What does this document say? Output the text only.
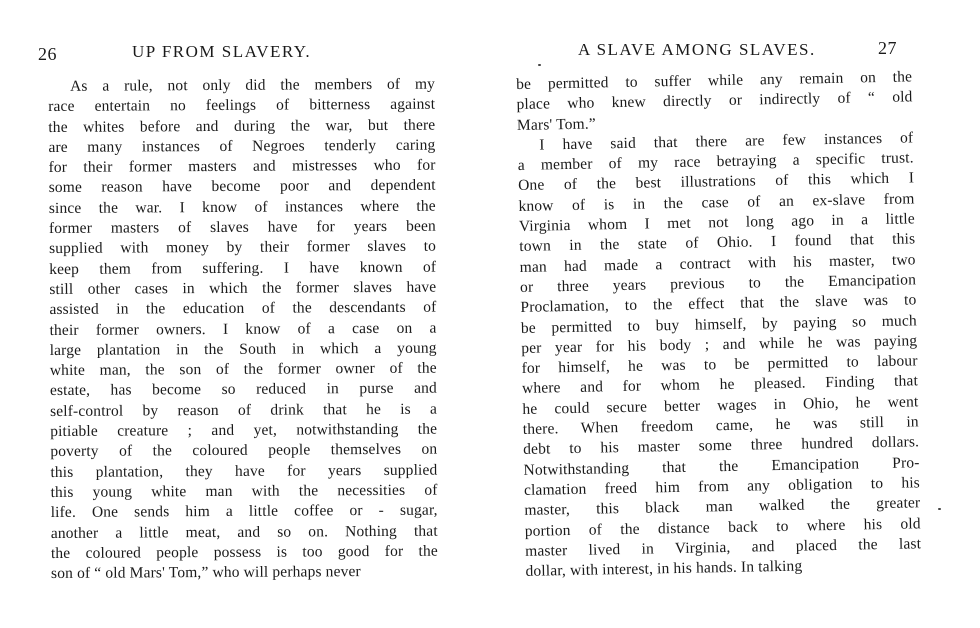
26	UP FROM SLAVERY.
As a rule, not only did the members of my
race entertain no feelings of bitterness against
the whites before and during the war, but there
are many instances of Negroes tenderly caring
for their former masters and mistresses who for
some reason have become poor and dependent
since the war. I know of instances where the
former masters of slaves have for years been
supplied with money by their former slaves to
keep them from suffering. I have known of
still other cases in which the former slaves have
assisted in the education of the descendants of
their former owners. I know of a case on a
large plantation in the South in which a young
white man, the son of the former owner of the
estate, has become so reduced in purse and
self-control by reason of drink that he is a
pitiable creature ; and yet, notwithstanding the
poverty of the coloured people themselves on
this plantation, they have for years supplied
this young white man with the necessities of
life. One sends him a little coffee or - sugar,
another a little meat, and so on. Nothing that
the coloured people possess is too good for the
son of “ old Mars' Tom,” who will perhaps never
A SLAVE AMONG SLAVES.	27
be permitted to suffer while any remain on the
place who knew directly or indirectly of “ old
Mars' Tom.”
I have said that there are few instances of
a member of my race betraying a specific trust.
One of the best illustrations of this which I
know of is in the case of an ex-slave from
Virginia whom I met not long ago in a little
town in the state of Ohio. I found that this
man had made a contract with his master, two
or three years previous to the Emancipation
Proclamation, to the effect that the slave was to
be permitted to buy himself, by paying so much
per year for his body ; and while he was paying
for himself, he was to be permitted to labour
where and for whom he pleased. Finding that
he could secure better wages in Ohio, he went
there. When freedom came, he was still in
debt to his master some three hundred dollars.
Notwithstanding that the Emancipation Pro-
clamation freed him from any obligation to his
master, this black man walked the greater
portion of the distance back to where his old
master lived in Virginia, and placed the last
dollar, with interest, in his hands. In talking
